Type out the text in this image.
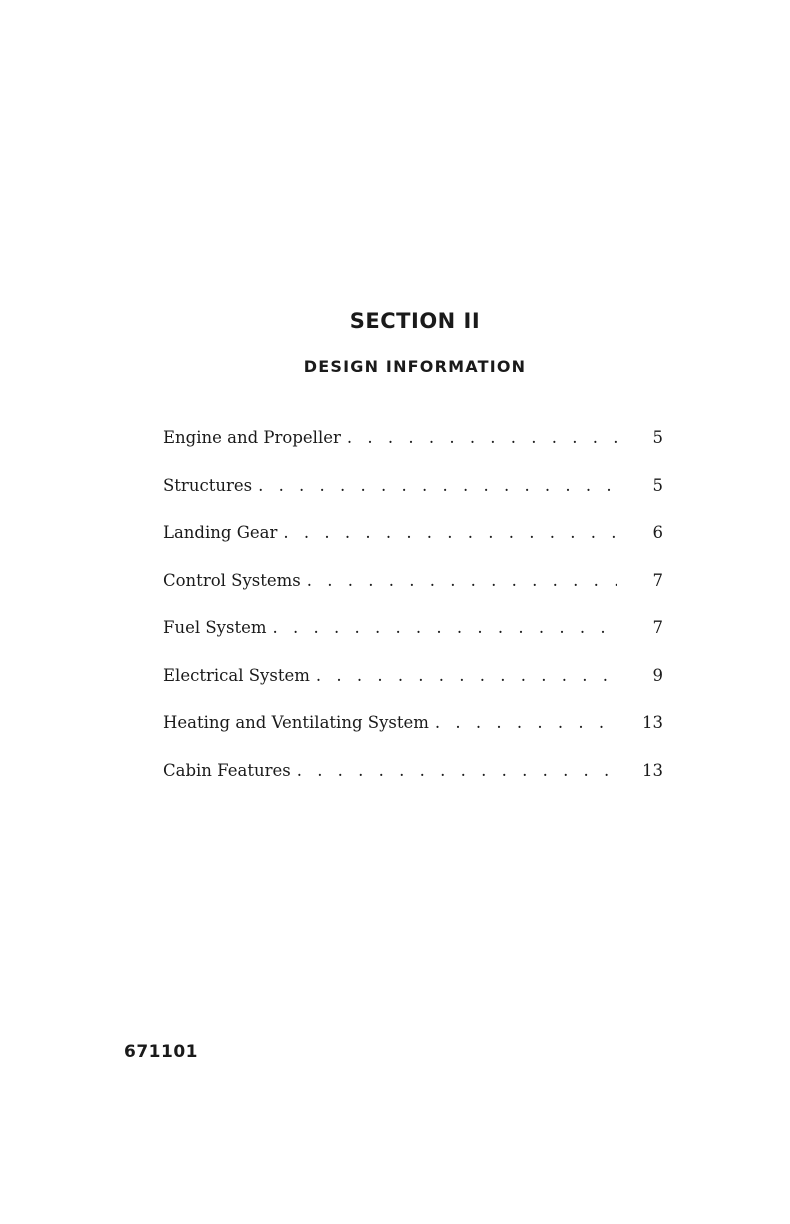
SECTION II
DESIGN INFORMATION
Engine and Propeller . . .	5
Structures . . .	5
Landing Gear . . .	6
Control Systems . . .	7
Fuel System . . .	7
Electrical System . . .	9
Heating and Ventilating System . . .	13
Cabin Features . . .	13

671101
